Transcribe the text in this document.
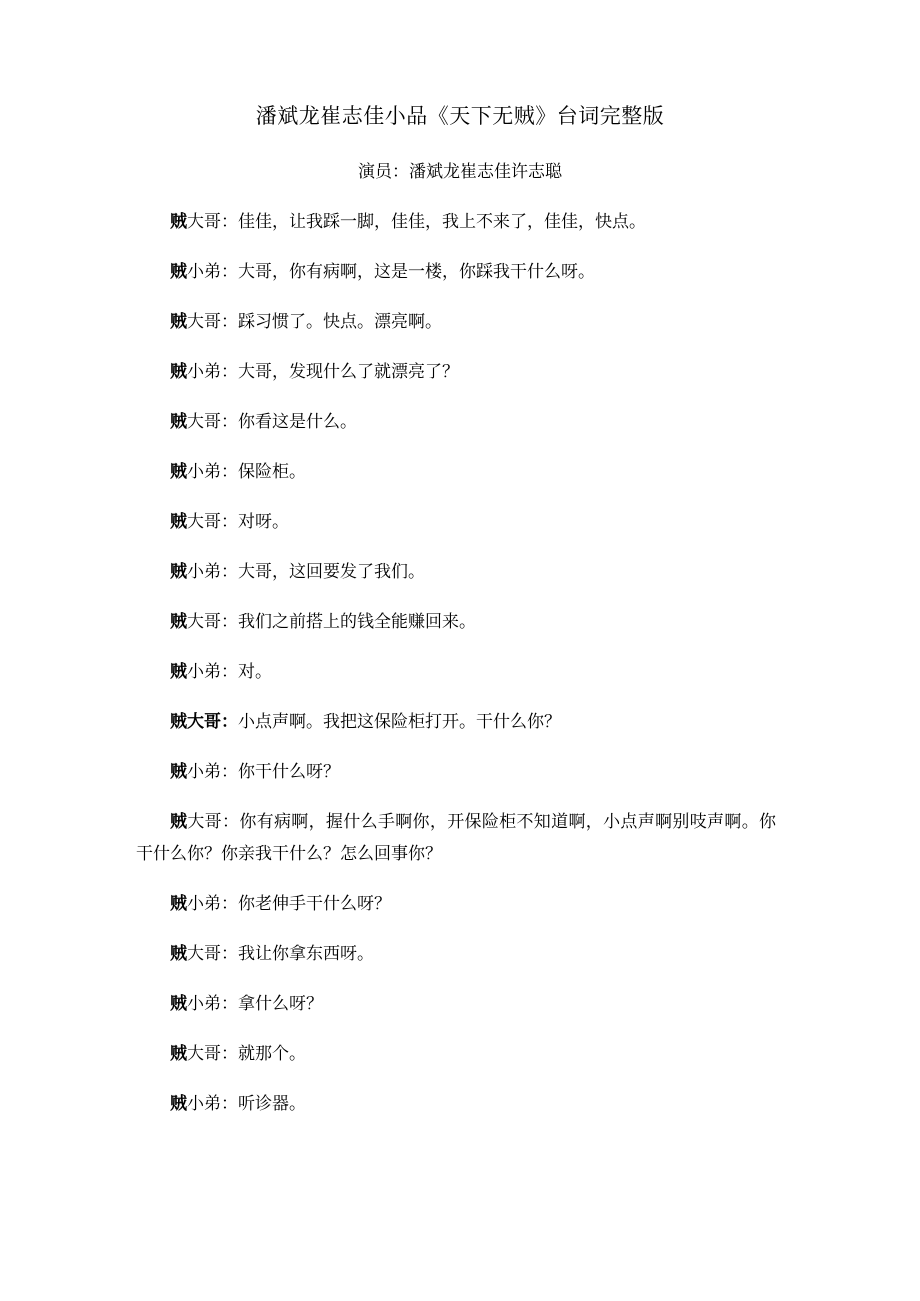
潘斌龙崔志佳小品《天下无贼》台词完整版
演员：潘斌龙崔志佳许志聪

贼大哥：佳佳，让我踩一脚，佳佳，我上不来了，佳佳，快点。

贼小弟：大哥，你有病啊，这是一楼，你踩我干什么呀。

贼大哥：踩习惯了。快点。漂亮啊。

贼小弟：大哥，发现什么了就漂亮了？

贼大哥：你看这是什么。

贼小弟：保险柜。

贼大哥：对呀。

贼小弟：大哥，这回要发了我们。

贼大哥：我们之前搭上的钱全能赚回来。

贼小弟：对。

贼大哥：小点声啊。我把这保险柜打开。干什么你？

贼小弟：你干什么呀？

贼大哥：你有病啊，握什么手啊你，开保险柜不知道啊，小点声啊别吱声啊。你干什么你？你亲我干什么？怎么回事你？

贼小弟：你老伸手干什么呀？

贼大哥：我让你拿东西呀。

贼小弟：拿什么呀？

贼大哥：就那个。

贼小弟：听诊器。
